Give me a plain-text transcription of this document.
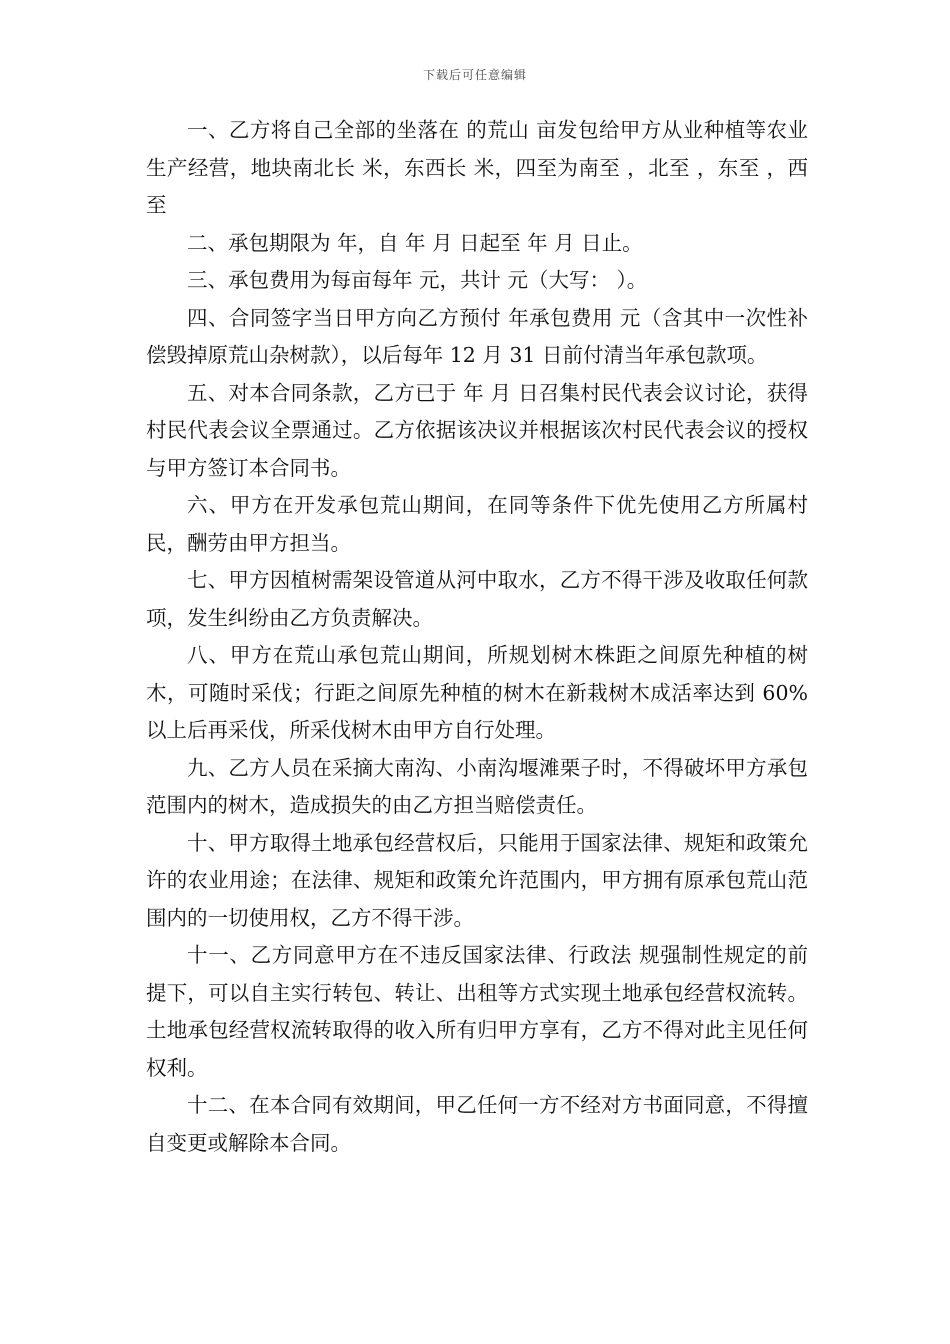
下载后可任意编辑

一、乙方将自己全部的坐落在 的荒山 亩发包给甲方从业种植等农业生产经营，地块南北长 米，东西长 米，四至为南至 ，北至 ，东至 ，西至

二、承包期限为 年，自 年 月 日起至 年 月 日止。

三、承包费用为每亩每年 元，共计 元（大写： ）。

四、合同签字当日甲方向乙方预付 年承包费用 元（含其中一次性补偿毁掉原荒山杂树款），以后每年 12 月 31 日前付清当年承包款项。

五、对本合同条款，乙方已于 年 月 日召集村民代表会议讨论，获得村民代表会议全票通过。乙方依据该决议并根据该次村民代表会议的授权与甲方签订本合同书。

六、甲方在开发承包荒山期间，在同等条件下优先使用乙方所属村民，酬劳由甲方担当。

七、甲方因植树需架设管道从河中取水，乙方不得干涉及收取任何款项，发生纠纷由乙方负责解决。

八、甲方在荒山承包荒山期间，所规划树木株距之间原先种植的树木，可随时采伐；行距之间原先种植的树木在新栽树木成活率达到 60% 以上后再采伐，所采伐树木由甲方自行处理。

九、乙方人员在采摘大南沟、小南沟堰滩栗子时，不得破坏甲方承包范围内的树木，造成损失的由乙方担当赔偿责任。

十、甲方取得土地承包经营权后，只能用于国家法律、规矩和政策允许的农业用途；在法律、规矩和政策允许范围内，甲方拥有原承包荒山范围内的一切使用权，乙方不得干涉。

十一、乙方同意甲方在不违反国家法律、行政法 规强制性规定的前提下，可以自主实行转包、转让、出租等方式实现土地承包经营权流转。土地承包经营权流转取得的收入所有归甲方享有，乙方不得对此主见任何权利。

十二、在本合同有效期间，甲乙任何一方不经对方书面同意，不得擅自变更或解除本合同。
